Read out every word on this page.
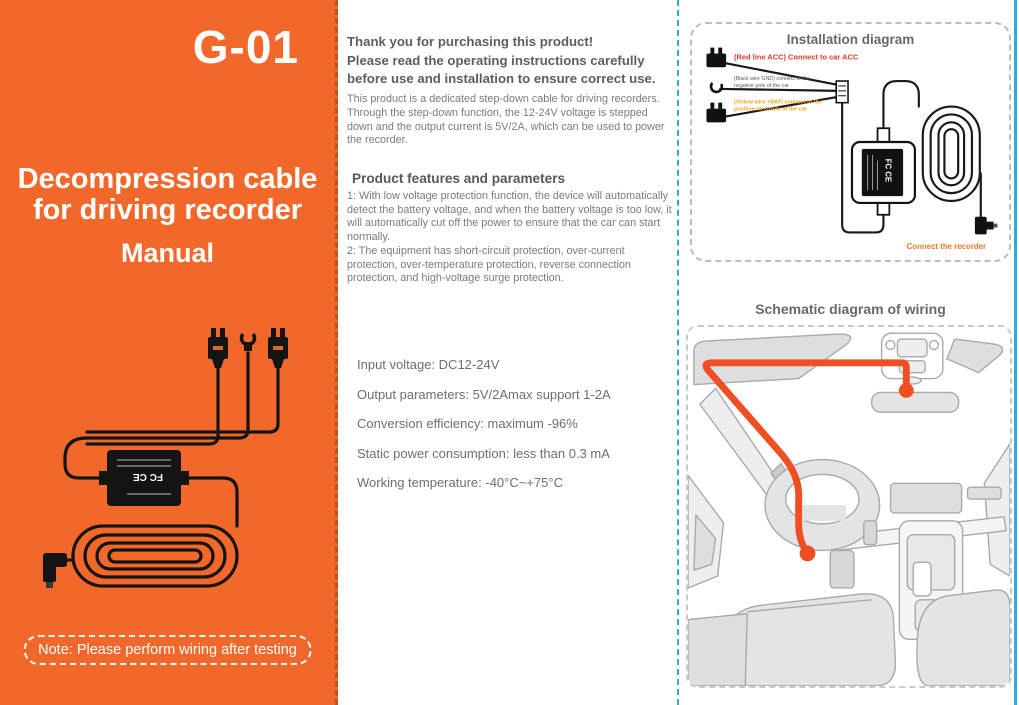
G-01
Decompression cable
for driving recorder
Manual
FC CE
Note: Please perform wiring after testing
Thank you for purchasing this product!
Please read the operating instructions carefully
before use and installation to ensure correct use.
This product is a dedicated step-down cable for driving recorders. Through the step-down function, the 12-24V voltage is stepped down and the output current is 5V/2A, which can be used to power the recorder.
Product features and parameters
1: With low voltage protection function, the device will automatically detect the battery voltage, and when the battery voltage is too low, it will automatically cut off the power to ensure that the car can start normally.
2: The equipment has short-circuit protection, over-current protection, over-temperature protection, reverse connection protection, and high-voltage surge protection.
Input voltage: DC12-24V
Output parameters: 5V/2Amax support 1-2A
Conversion efficiency: maximum -96%
Static power consumption: less than 0.3 mA
Working temperature: -40°C~+75°C
Installation diagram
FC CE
(Red line ACC) Connect to car ACC
(Black wire GND) connect to the
negative pole of the car
(Yellow wire +BAT) connect to the
positive electrode of the car
Connect the recorder
Schematic diagram of wiring
